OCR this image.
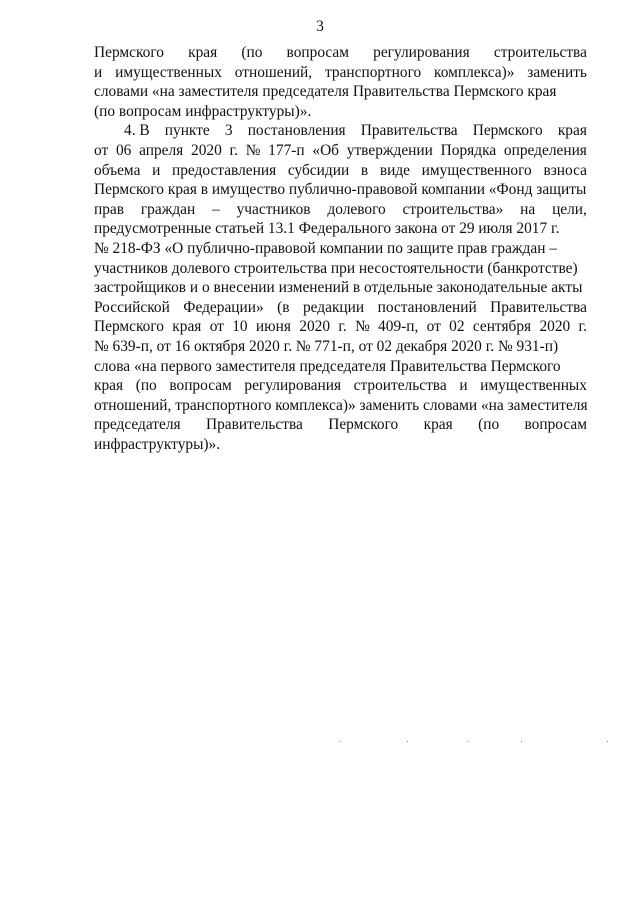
3
Пермского края (по вопросам регулирования строительства
и имущественных отношений, транспортного комплекса)» заменить
словами «на заместителя председателя Правительства Пермского края
(по вопросам инфраструктуры)».
4. В пункте 3 постановления Правительства Пермского края
от 06 апреля 2020 г. № 177-п «Об утверждении Порядка определения
объема и предоставления субсидии в виде имущественного взноса
Пермского края в имущество публично-правовой компании «Фонд защиты
прав граждан – участников долевого строительства» на цели,
предусмотренные статьей 13.1 Федерального закона от 29 июля 2017 г.
№ 218-ФЗ «О публично-правовой компании по защите прав граждан –
участников долевого строительства при несостоятельности (банкротстве)
застройщиков и о внесении изменений в отдельные законодательные акты
Российской Федерации» (в редакции постановлений Правительства
Пермского края от 10 июня 2020 г. № 409-п, от 02 сентября 2020 г.
№ 639-п, от 16 октября 2020 г. № 771-п, от 02 декабря 2020 г. № 931-п)
слова «на первого заместителя председателя Правительства Пермского
края (по вопросам регулирования строительства и имущественных
отношений, транспортного комплекса)» заменить словами «на заместителя
председателя Правительства Пермского края (по вопросам
инфраструктуры)».
